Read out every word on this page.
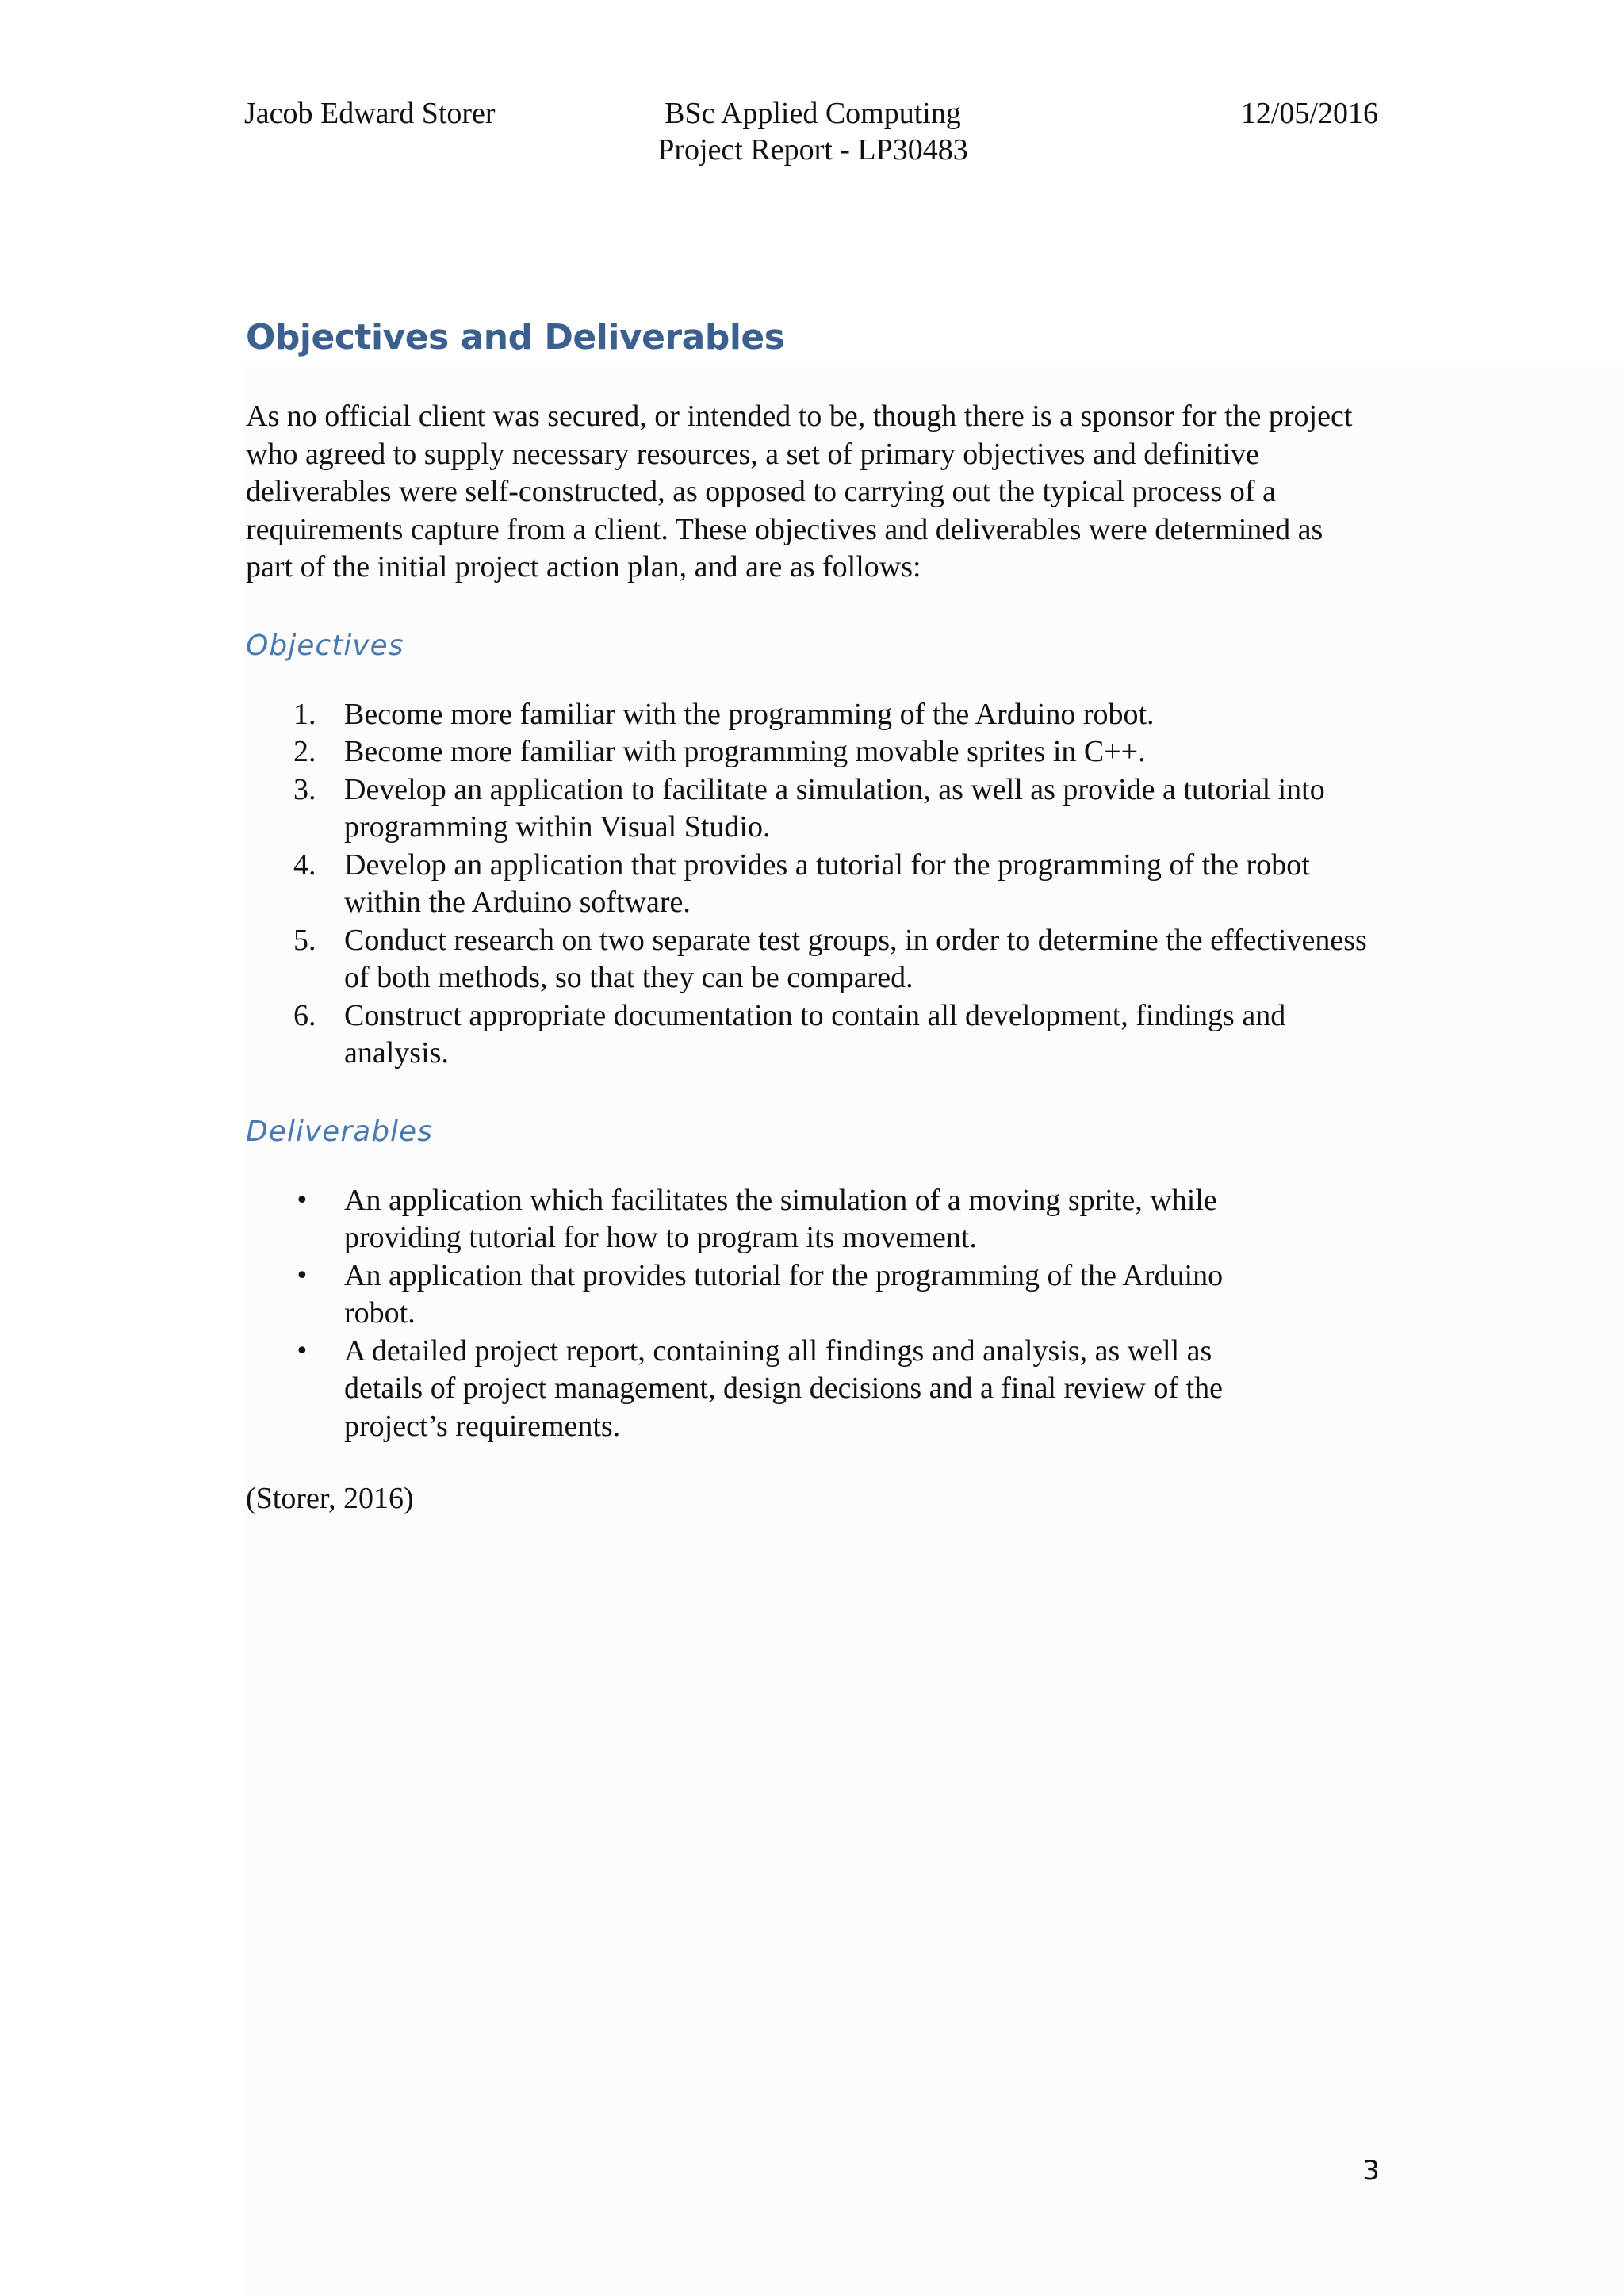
Jacob Edward Storer	BSc Applied Computing
Project Report - LP30483
12/05/2016
Objectives and Deliverables

As no official client was secured, or intended to be, though there is a sponsor for the project who agreed to supply necessary resources, a set of primary objectives and definitive deliverables were self-constructed, as opposed to carrying out the typical process of a requirements capture from a client. These objectives and deliverables were determined as part of the initial project action plan, and are as follows:

Objectives
1. Become more familiar with the programming of the Arduino robot.
2. Become more familiar with programming movable sprites in C++.
3. Develop an application to facilitate a simulation, as well as provide a tutorial into programming within Visual Studio.
4. Develop an application that provides a tutorial for the programming of the robot within the Arduino software.
5. Conduct research on two separate test groups, in order to determine the effectiveness of both methods, so that they can be compared.
6. Construct appropriate documentation to contain all development, findings and analysis.
Deliverables
• An application which facilitates the simulation of a moving sprite, while providing tutorial for how to program its movement.
• An application that provides tutorial for the programming of the Arduino robot.
• A detailed project report, containing all findings and analysis, as well as details of project management, design decisions and a final review of the project’s requirements.

(Storer, 2016)

3
